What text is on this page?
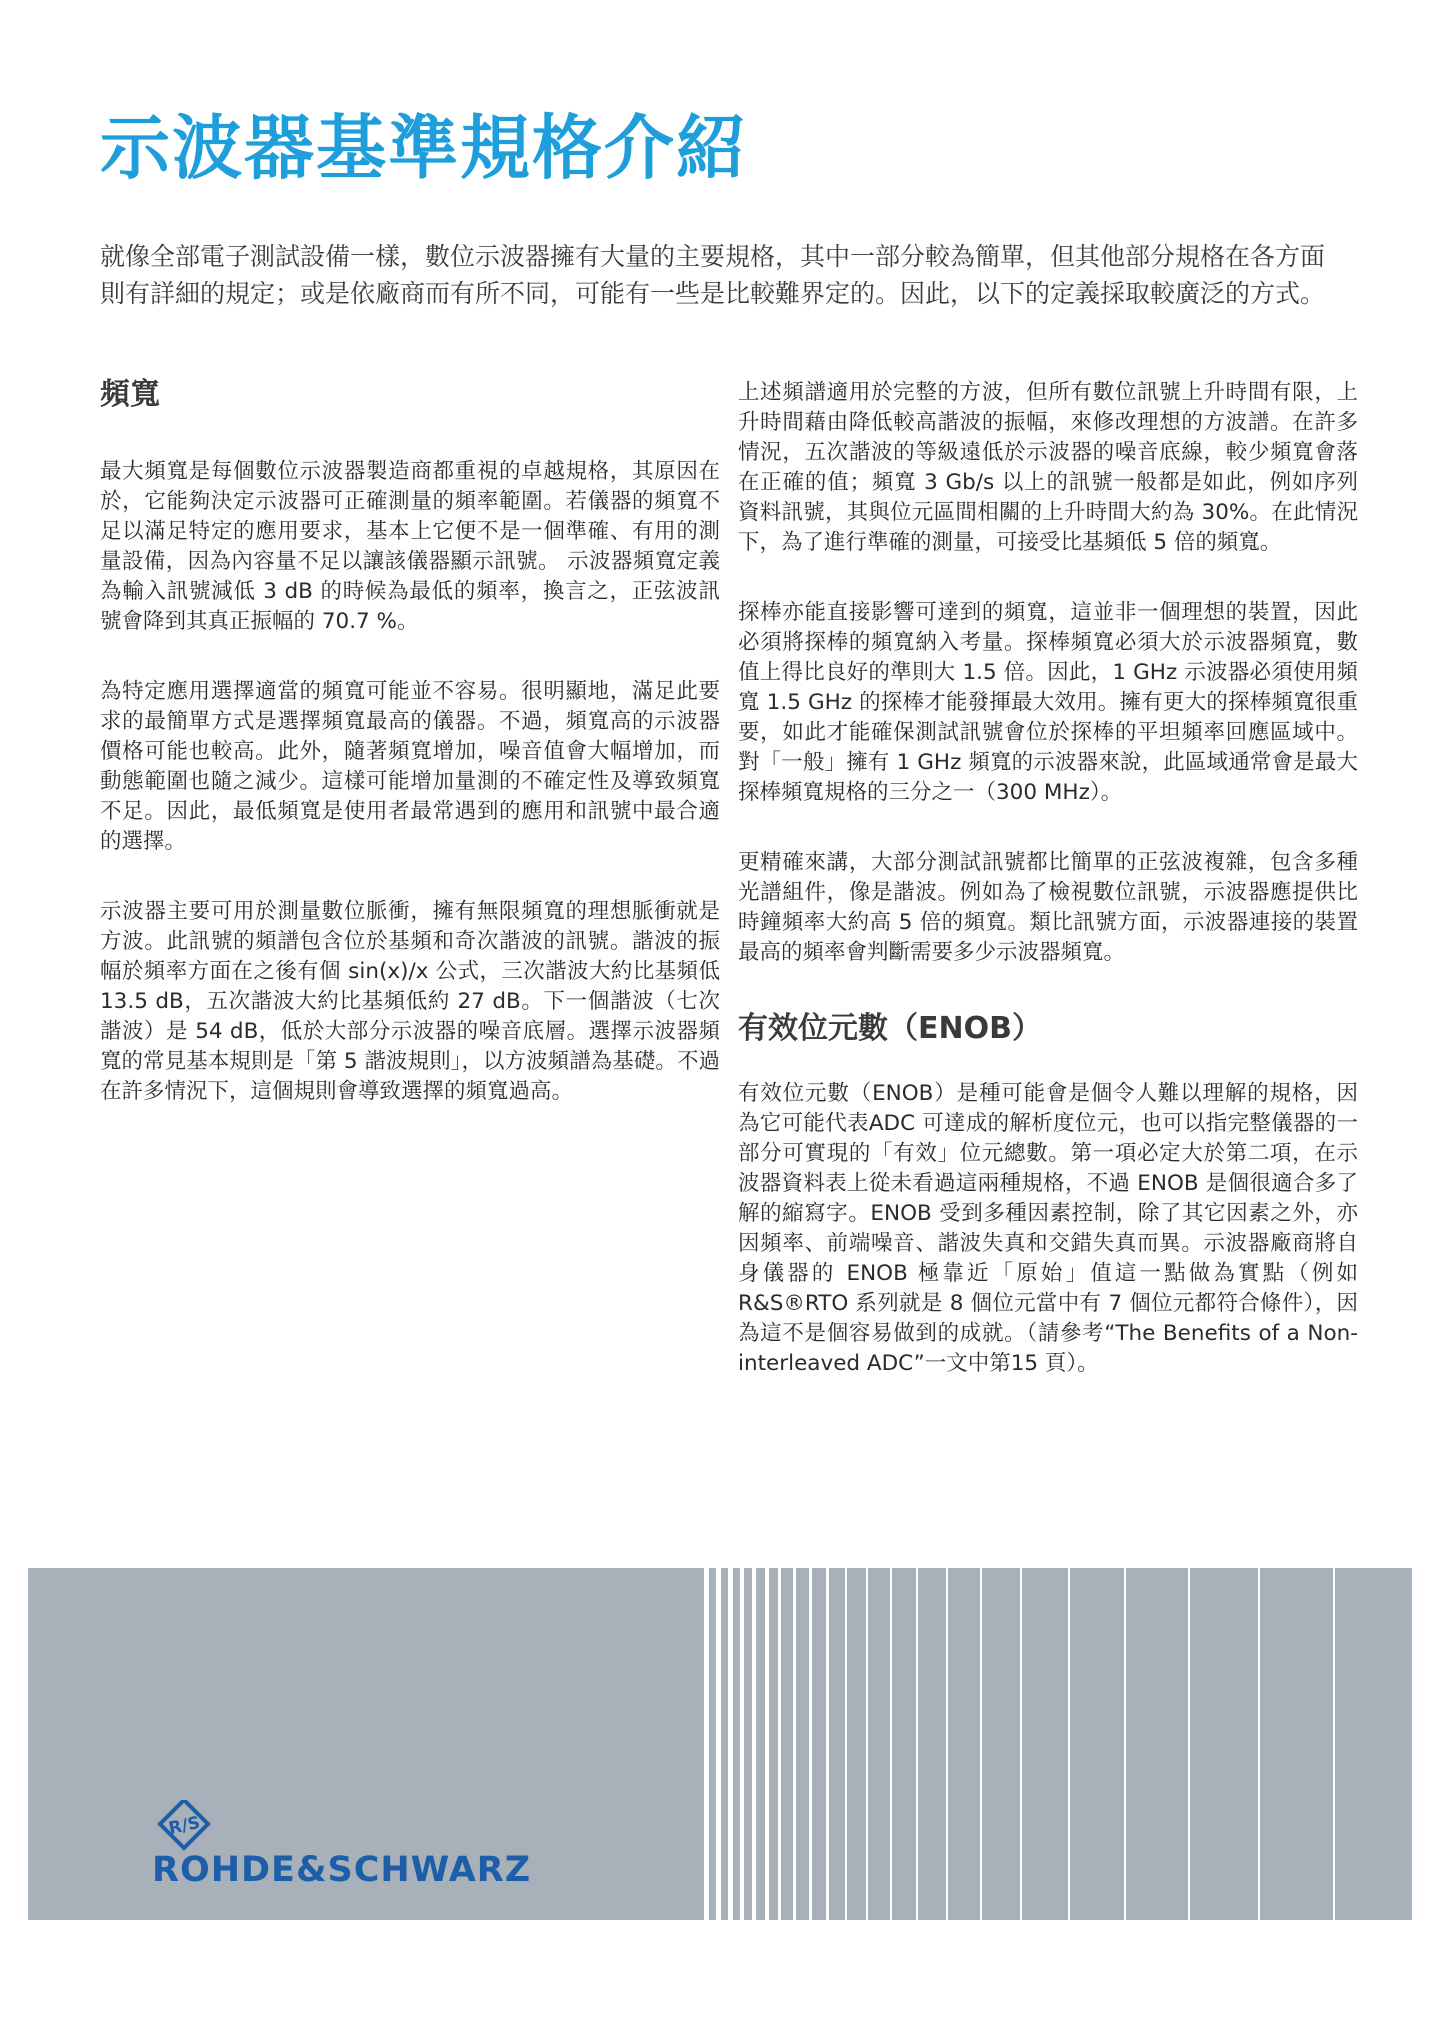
示波器基準規格介紹

就像全部電子測試設備一樣，數位示波器擁有大量的主要規格，其中一部分較為簡單，但其他部分規格在各方面則有詳細的規定；或是依廠商而有所不同，可能有一些是比較難界定的。因此，以下的定義採取較廣泛的方式。

頻寬

最大頻寬是每個數位示波器製造商都重視的卓越規格，其原因在於，它能夠決定示波器可正確測量的頻率範圍。若儀器的頻寬不足以滿足特定的應用要求，基本上它便不是一個準確、有用的測量設備，因為內容量不足以讓該儀器顯示訊號。 示波器頻寬定義為輸入訊號減低 3 dB 的時候為最低的頻率，換言之，正弦波訊號會降到其真正振幅的 70.7 %。

為特定應用選擇適當的頻寬可能並不容易。很明顯地，滿足此要求的最簡單方式是選擇頻寬最高的儀器。不過，頻寬高的示波器價格可能也較高。此外，隨著頻寬增加，噪音值會大幅增加，而動態範圍也隨之減少。這樣可能增加量測的不確定性及導致頻寬不足。因此，最低頻寬是使用者最常遇到的應用和訊號中最合適的選擇。

示波器主要可用於測量數位脈衝，擁有無限頻寬的理想脈衝就是方波。此訊號的頻譜包含位於基頻和奇次諧波的訊號。諧波的振幅於頻率方面在之後有個 sin(x)/x 公式，三次諧波大約比基頻低 13.5 dB，五次諧波大約比基頻低約 27 dB。下一個諧波（七次諧波）是 54 dB，低於大部分示波器的噪音底層。選擇示波器頻寬的常見基本規則是「第 5 諧波規則」，以方波頻譜為基礎。不過在許多情況下，這個規則會導致選擇的頻寬過高。

上述頻譜適用於完整的方波，但所有數位訊號上升時間有限，上升時間藉由降低較高諧波的振幅，來修改理想的方波譜。在許多情況，五次諧波的等級遠低於示波器的噪音底線，較少頻寬會落在正確的值；頻寬 3 Gb/s 以上的訊號一般都是如此，例如序列資料訊號，其與位元區間相關的上升時間大約為 30%。在此情況下，為了進行準確的測量，可接受比基頻低 5 倍的頻寬。

探棒亦能直接影響可達到的頻寬，這並非一個理想的裝置，因此必須將探棒的頻寬納入考量。探棒頻寬必須大於示波器頻寬，數值上得比良好的準則大 1.5 倍。因此，1 GHz 示波器必須使用頻寬 1.5 GHz 的探棒才能發揮最大效用。擁有更大的探棒頻寬很重要，如此才能確保測試訊號會位於探棒的平坦頻率回應區域中。對「一般」擁有 1 GHz 頻寬的示波器來說，此區域通常會是最大探棒頻寬規格的三分之一（300 MHz）。

更精確來講，大部分測試訊號都比簡單的正弦波複雜，包含多種光譜組件，像是諧波。例如為了檢視數位訊號，示波器應提供比時鐘頻率大約高 5 倍的頻寬。類比訊號方面，示波器連接的裝置最高的頻率會判斷需要多少示波器頻寬。

有效位元數（ENOB）

有效位元數（ENOB）是種可能會是個令人難以理解的規格，因為它可能代表ADC 可達成的解析度位元，也可以指完整儀器的一部分可實現的「有效」位元總數。第一項必定大於第二項，在示波器資料表上從未看過這兩種規格，不過 ENOB 是個很適合多了解的縮寫字。ENOB 受到多種因素控制，除了其它因素之外，亦因頻率、前端噪音、諧波失真和交錯失真而異。示波器廠商將自身儀器的 ENOB 極靠近「原始」值這一點做為實點（例如 R&S®RTO 系列就是 8 個位元當中有 7 個位元都符合條件），因為這不是個容易做到的成就。（請參考“The Benefits of a Non-interleaved ADC”一文中第15 頁）。

R/S
ROHDE&SCHWARZ
